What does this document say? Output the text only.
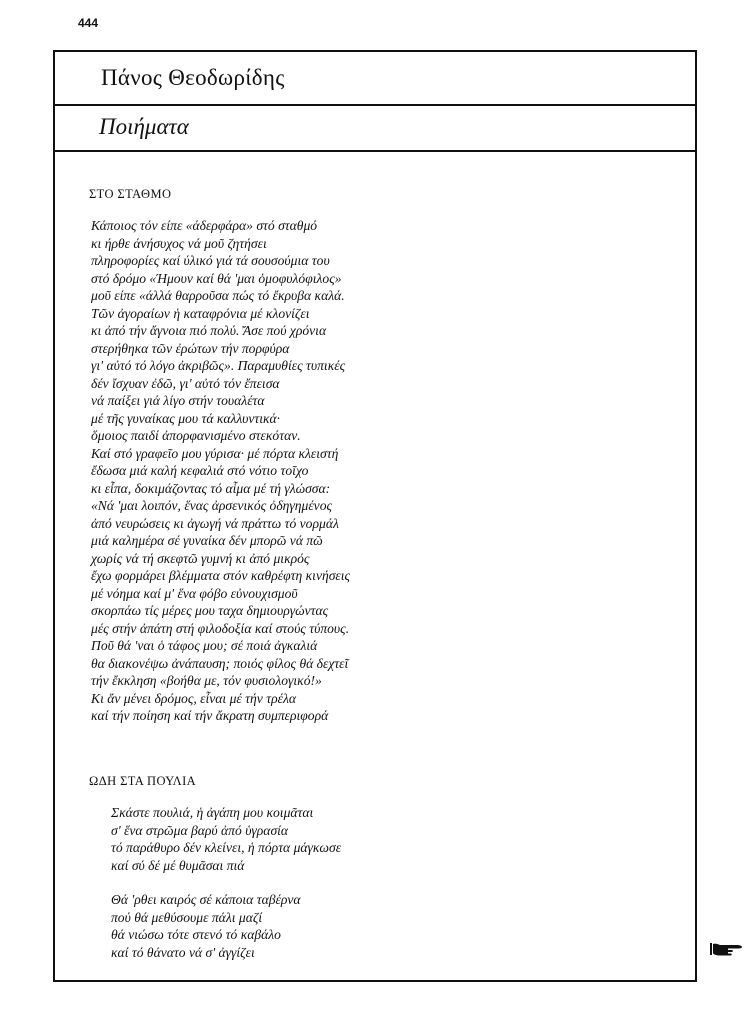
444
Πάνος Θεοδωρίδης
Ποιήματα
ΣΤΟ ΣΤΑΘΜΟ
Κάποιος τόν είπε «άδερφάρα» στό σταθμό
κι ήρθε άνήσυχος νά μοῦ ζητήσει
πληροφορίες καί ύλικό γιά τά σουσούμια του
στό δρόμο «Ήμουν καί θά 'μαι ὁμοφυλόφιλος»
μοῦ είπε «άλλά θαρροῦσα πώς τό ἔκρυβα καλά.
Τῶν ἀγοραίων ἡ καταφρόνια μέ κλονίζει
κι ἀπό τήν ἄγνοια πιό πολύ. Ἄσε πού χρόνια
στερήθηκα τῶν ἐρώτων τήν πορφύρα
γι' αὐτό τό λόγο ἀκριβῶς». Παραμυθίες τυπικές
δέν ἴσχυαν ἐδῶ, γι' αὐτό τόν ἔπεισα
νά παίξει γιά λίγο στήν τουαλέτα
μέ τῆς γυναίκας μου τά καλλυντικά·
ὅμοιος παιδί ἀπορφανισμένο στεκόταν.
Καί στό γραφεῖο μου γύρισα· μέ πόρτα κλειστή
ἔδωσα μιά καλή κεφαλιά στό νότιο τοῖχο
κι εἶπα, δοκιμάζοντας τό αἷμα μέ τή γλώσσα:
«Νά 'μαι λοιπόν, ἕνας ἀρσενικός ὀδηγημένος
ἀπό νευρώσεις κι ἀγωγή νά πράττω τό νορμάλ
μιά καλημέρα σέ γυναίκα δέν μπορῶ νά πῶ
χωρίς νά τή σκεφτῶ γυμνή κι ἀπό μικρός
ἔχω φορμάρει βλέμματα στόν καθρέφτη κινήσεις
μέ νόημα καί μ' ἕνα φόβο εὐνουχισμοῦ
σκορπάω τίς μέρες μου ταχα δημιουργώντας
μές στήν ἀπάτη στή φιλοδοξία καί στούς τύπους.
Ποῦ θά 'ναι ὁ τάφος μου; σέ ποιά ἀγκαλιά
θα διακονέψω ἀνάπαυση; ποιός φίλος θά δεχτεῖ
τήν ἔκκληση «βοήθα με, τόν φυσιολογικό!»
Κι ἄν μένει δρόμος, εἶναι μέ τήν τρέλα
καί τήν ποίηση καί τήν ἄκρατη συμπεριφορά
ΩΔΗ ΣΤΑ ΠΟΥΛΙΑ
Σκάστε πουλιά, ἡ ἀγάπη μου κοιμᾶται
σ' ἕνα στρῶμα βαρύ ἀπό ὑγρασία
τό παράθυρο δέν κλείνει, ἡ πόρτα μάγκωσε
καί σύ δέ μέ θυμᾶσαι πιά
Θά 'ρθει καιρός σέ κάποια ταβέρνα
πού θά μεθύσουμε πάλι μαζί
θά νιώσω τότε στενό τό καβάλο
καί τό θάνατο νά σ' ἀγγίζει
